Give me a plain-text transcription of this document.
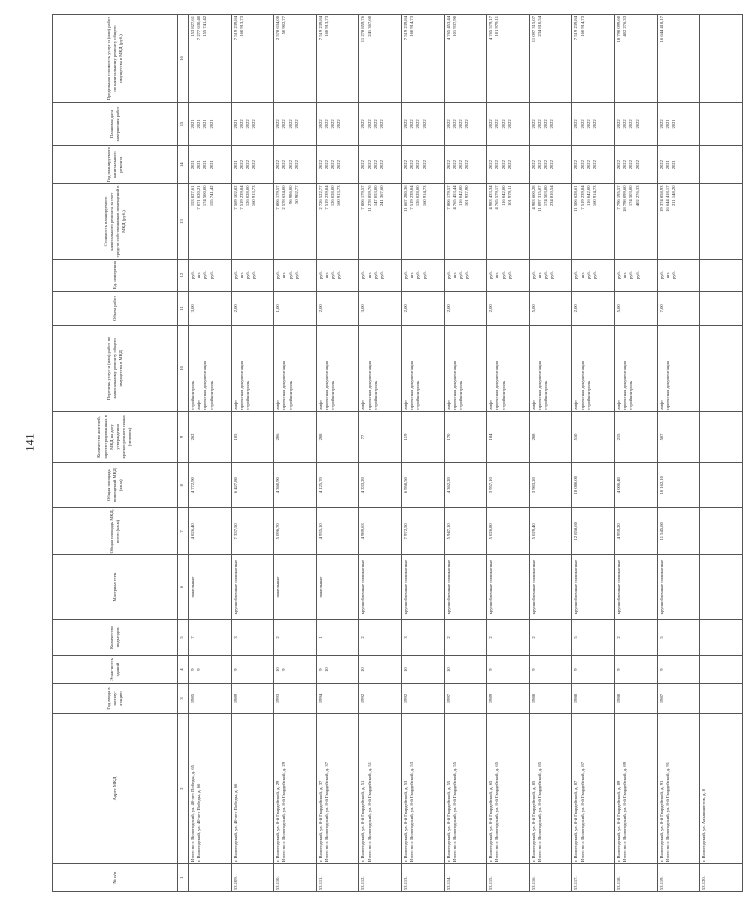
141
№ п/п	Адрес МКД	Год ввода в эксплу-атацию	Этаж-ность зданий	Количество подъездов	Материал стен	Общая площадь МКД, всего (кв.м)	Общая площадь помещений МКД (кв.м)	Количество жителей, зарегистрированных в МКД на дату утверждения краткосрочного плана (человек)	Перечень услуг и (или) работ по капитальному ремонту общего имущества в МКД	Объем работ	Ед. измерения	Стоимость планируемого капитального ремонта за счет средств собственников помещений в МКД (руб.)	Год планируемого капитального ремонта	Плановая дата завершения работ	Предельная стоимость услуг и (или) работ по капитальному ремонту общего имущества в МКД (руб.)
1	2	3	4	5	6	7	8	9	10	11	12	13	14	15	16

	Итого по г. Вологодский, ул. 40-лет Победы, д. 65 г. Вологодский, ул. 40-лет Победы, д. 66	1985	9 9	7	панельные	4 826,40	4 772,90	262	стройконтроль лифт проектная документация стройконтроль	3,00	руб. шт. руб. руб.	153 827,61 7 071 020,21 174 500,00 155 741,42	2021 2021 2021 2021	2021 2021 2021 2021	153 827,61 7 277 630,40 155 741,42

53.109.	г. Вологодский, ул. 40-лет Победы, д. 66	1989	9	3	крупноблочные силикатные	7 337,50	6 427,80	105	лифт проектная документация стройконтроль	2,00	руб. шт. руб. руб.	7 569 102,82 7 519 239,84 126 028,00 160 913,73	2021 2022 2022 2022	2021 2022 2022 2022	7 519 239,84 160 913,73

53.110.	г. Вологодский, ул. 8-й Гвардейской, д. 29 Итого по г. Вологодский, ул. 8-й Гвардейской, д. 29	1993	10 9	2	панельные	5 096,70	4 360,90	206	лифт проектная документация стройконтроль	1,00	руб. шт. руб. руб.	7 806 179,57 2 578 634,00 96 986,00 50 902,77	2022 2022 2022 2022	2022 2022 2022 2022	2 578 634,00 50 902,77

53.111.	г. Вологодский, ул. 8-й Гвардейской, д. 37 Итого по г. Вологодский, ул. 8-й Гвардейской, д. 37	1994	9 10	1	панельные	4 935,10	4 125,70	208	лифт проектная документация стройконтроль	2,00	руб. шт. руб. руб.	2 726 522,77 7 519 239,84 126 028,00 160 913,73	2022 2022 2022 2022	2022 2022 2022 2022	7 519 239,84 160 913,73

53.112.	г. Вологодский, ул. 8-й Гвардейской, д. 51 Итого по г. Вологодский, ул. 8-й Гвардейской, д. 51	1992	10	2	крупноблочные силикатные	4 989,63	4 333,20	77	лифт проектная документация стройконтроль	3,00	руб. шт. руб. руб.	7 806 179,57 11 278 859,76 147 053,00 241 367,60	2022 2022 2022 2022	2022 2022 2022 2022	11 278 859,76 241 367,60

53.113.	г. Вологодский, ул. 8-й Гвардейской, д. 53 Итого по г. Вологодский, ул. 8-й Гвардейской, д. 53	1992	10	3	крупноблочные силикатные	7 972,50	6 958,50	119	лифт проектная документация стройконтроль	2,00	руб. шт. руб. руб.	11 667 280,36 7 519 239,84 126 028,00 160 914,73	2022 2022 2022 2022	2022 2022 2022 2022	7 519 239,84 160 914,73

53.114.	г. Вологодский, ул. 8-й Гвардейской, д. 55 Итого по г. Вологодский, ул. 8-й Гвардейской, д. 55	1997	10	2	крупноблочные силикатные	5 947,10	4 362,20	170	лифт проектная документация стройконтроль	2,00	руб. шт. руб. руб.	7 806 179,57 4 765 453,44 116 042,00 101 937,90	2022 2022 2022 2022	2022 2022 2022 2022	4 765 453,44 101 937,90

53.115.	г. Вологодский, ул. 8-й Гвардейской, д. 65 Итого по г. Вологодский, ул. 8-й Гвардейской, д. 65	1989	9	2	крупноблочные силикатные	5 026,80	3 957,10	184	лифт проектная документация стройконтроль	2,00	руб. шт. руб. руб.	4 983 433,34 4 765 579,17 116 042,00 101 979,11	2022 2022 2022 2022	2022 2022 2022 2022	4 765 579,17 101 979,11

53.116.	г. Вологодский, ул. 8-й Гвардейской, д. 85 Итого по г. Вологодский, ул. 8-й Гвардейской, д. 85	1988	9	2	крупноблочные силикатные	5 029,40	3 983,20	208	лифт проектная документация стройконтроль	5,00	руб. шт. руб. руб.	4 983 600,28 11 097 315,07 174 503,00 234 810,54	2022 2022 2022 2022	2022 2022 2022 2022	11 097 315,07 234 810,54

53.117.	г. Вологодский, ул. 8-й Гвардейской, д. 87 Итого по г. Вологодский, ул. 8-й Гвардейской, д. 87	1988	9	5	крупноблочные силикатные	12 858,60	10 080,00	510	лифт проектная документация стройконтроль	2,00	руб. шт. руб. руб.	11 506 628,61 7 519 239,84 116 042,00 160 914,73	2022 2022 2022 2022	2022 2022 2022 2022	7 519 239,84 160 914,73

53.118.	г. Вологодский, ул. 8-й Гвардейской, д. 89 Итого по г. Вологодский, ул. 8-й Гвардейской, д. 89	1988	9	2	крупноблочные силикатные	4 959,20	4 000,40	215	лифт проектная документация стройконтроль	5,00	руб. шт. руб. руб.	7 796 195,57 18 798 099,60 174 503,00 402 276,33	2022 2022 2022 2022	2022 2022 2022 2022	18 798 099,60 402 276,33

53.119.	г. Вологодский, ул. 8-й Гвардейской, д. 91 Итого по г. Вологодский, ул. 8-й Гвардейской, д. 91	1987	9	5	крупноблочные силикатные	11 545,80	10 162,10	507	лифт проектная документация	7,00	руб. шт. руб.	19 374 858,93 16 644 418,17 211 148,20	2022 2021 2021	2022 2021 2021	16 644 418,17

53.120.	г. Вологодский, ул. Альпинистов, д. 8														
